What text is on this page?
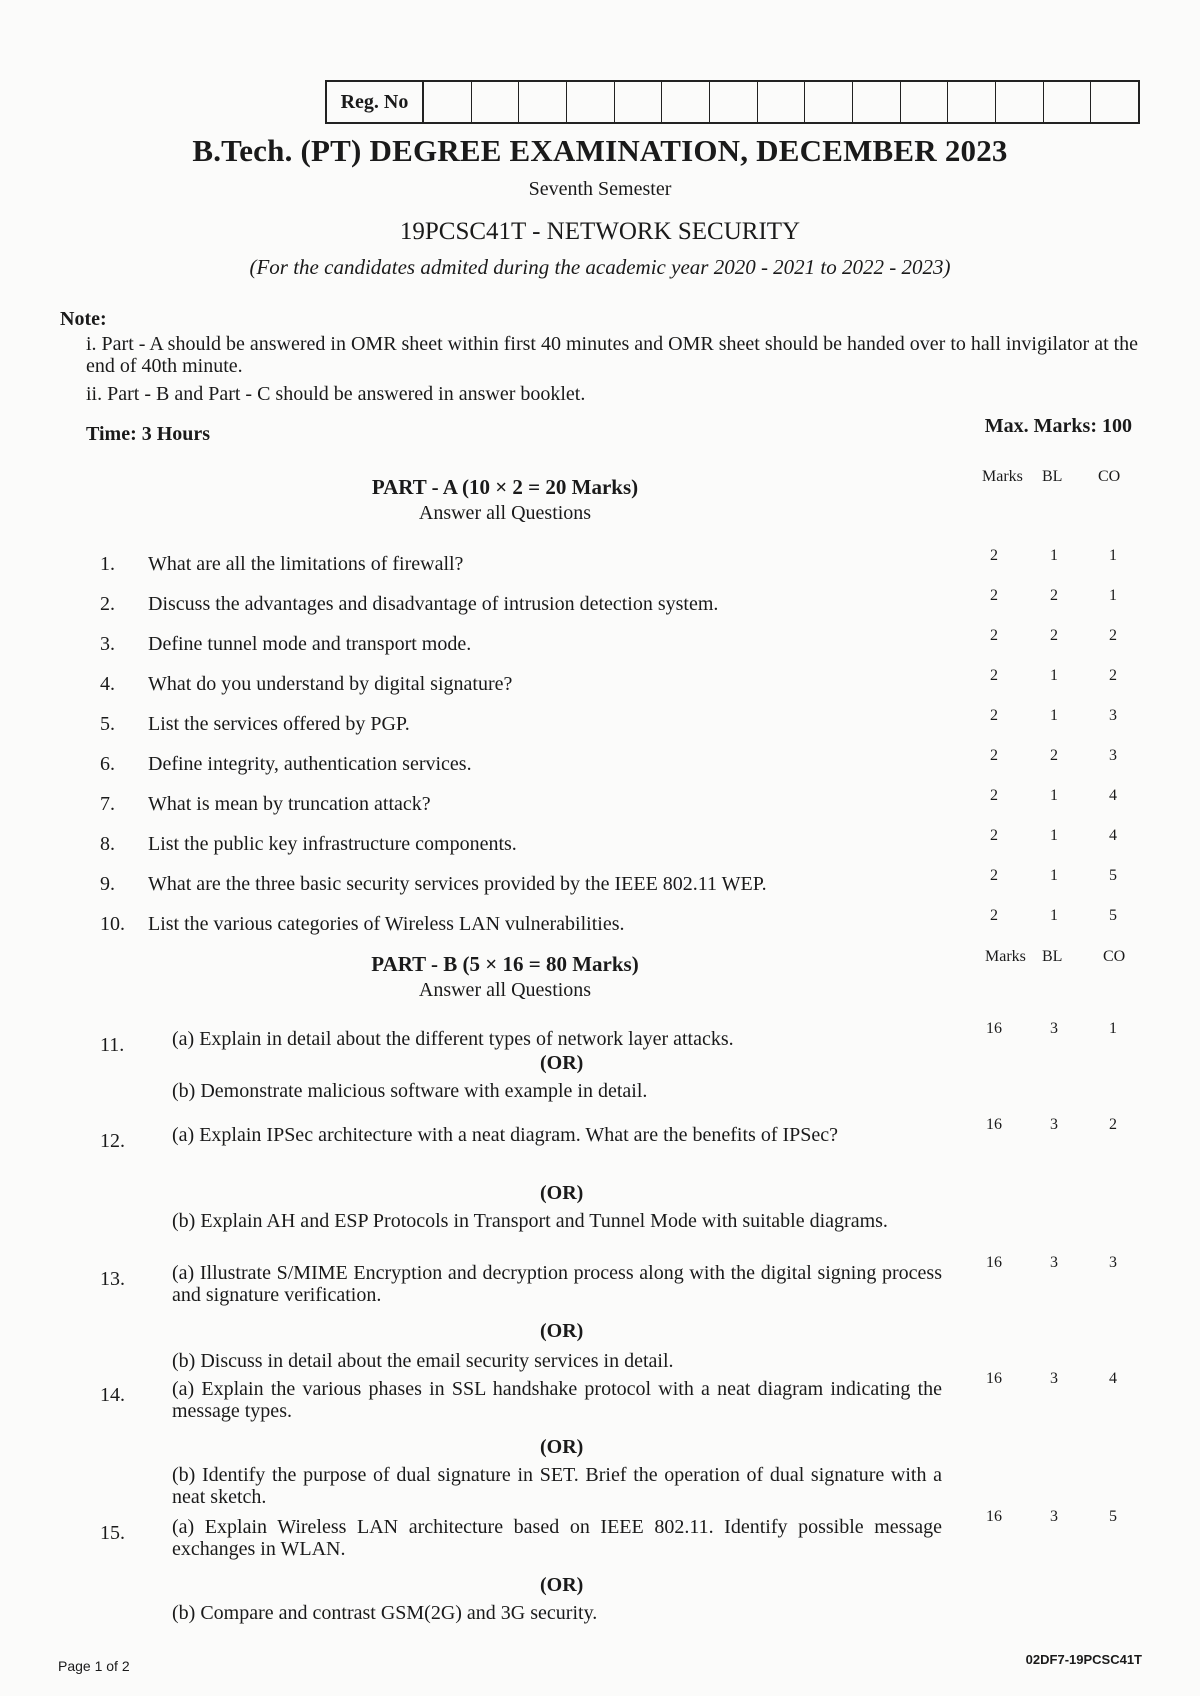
Reg. No
B.Tech. (PT) DEGREE EXAMINATION, DECEMBER 2023
Seventh Semester
19PCSC41T - NETWORK SECURITY
(For the candidates admited during the academic year 2020 - 2021 to 2022 - 2023)
Note:
i. Part - A should be answered in OMR sheet within first 40 minutes and OMR sheet should be handed over to hall invigilator at the end of 40th minute.
ii. Part - B and Part - C should be answered in answer booklet.
Time: 3 Hours	Max. Marks: 100
PART - A (10 × 2 = 20 Marks)
Answer all Questions
Marks BL CO
1. What are all the limitations of firewall?	2	1	1
2. Discuss the advantages and disadvantage of intrusion detection system.	2	2	1
3. Define tunnel mode and transport mode.	2	2	2
4. What do you understand by digital signature?	2	1	2
5. List the services offered by PGP.	2	1	3
6. Define integrity, authentication services.	2	2	3
7. What is mean by truncation attack?	2	1	4
8. List the public key infrastructure components.	2	1	4
9. What are the three basic security services provided by the IEEE 802.11 WEP.	2	1	5
10. List the various categories of Wireless LAN vulnerabilities.	2	1	5
PART - B (5 × 16 = 80 Marks)
Answer all Questions
Marks BL	CO
11. (a) Explain in detail about the different types of network layer attacks.
(OR)
(b) Demonstrate malicious software with example in detail.
16	3	1
12. (a) Explain IPSec architecture with a neat diagram. What are the benefits of IPSec?
(OR)
(b) Explain AH and ESP Protocols in Transport and Tunnel Mode with suitable diagrams.
16	3	2
13. (a) Illustrate S/MIME Encryption and decryption process along with the digital signing process and signature verification.
(OR)
(b) Discuss in detail about the email security services in detail.
16	3	3
14. (a) Explain the various phases in SSL handshake protocol with a neat diagram indicating the message types.
(OR)
(b) Identify the purpose of dual signature in SET. Brief the operation of dual signature with a neat sketch.
16	3	4
15. (a) Explain Wireless LAN architecture based on IEEE 802.11. Identify possible message exchanges in WLAN.
(OR)
(b) Compare and contrast GSM(2G) and 3G security.
16	3	5
Page 1 of 2	02DF7-19PCSC41T
